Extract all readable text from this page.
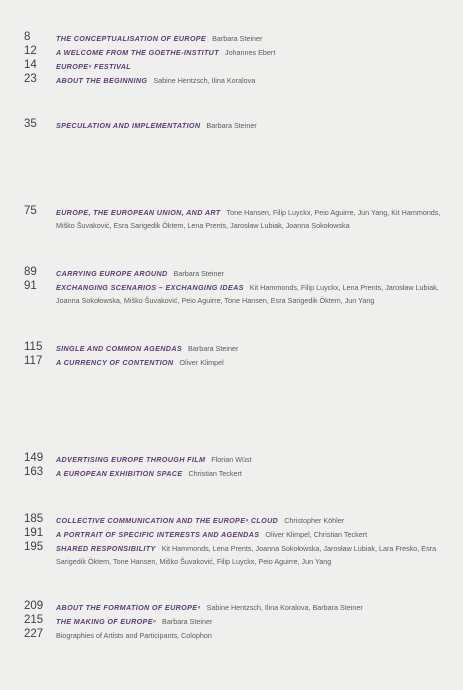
8	THE CONCEPTUALISATION OF EUROPE Barbara Steiner
12	A WELCOME FROM THE GOETHE-INSTITUT Johannes Ebert
14	EUROPEⁿ FESTIVAL
23	ABOUT THE BEGINNING Sabine Hentzsch, Ilina Koralova
35	SPECULATION AND IMPLEMENTATION Barbara Steiner
75	EUROPE, THE EUROPEAN UNION, AND ART Tone Hansen, Filip Luyckx, Peio Aguirre, Jun Yang, Kit Hammonds, Miško Šuvaković, Esra Sarigedik Öktem, Lena Prents, Jarosław Lubiak, Joanna Sokołowska
89	CARRYING EUROPE AROUND Barbara Steiner
91	EXCHANGING SCENARIOS – EXCHANGING IDEAS Kit Hammonds, Filip Luyckx, Lena Prents, Jarosław Lubiak, Joanna Sokołowska, Miško Šuvaković, Peio Aguirre, Tone Hansen, Esra Sarigedik Öktem, Jun Yang
115	SINGLE AND COMMON AGENDAS Barbara Steiner
117	A CURRENCY OF CONTENTION Oliver Klimpel
149	ADVERTISING EUROPE THROUGH FILM Florian Wüst
163	A EUROPEAN EXHIBITION SPACE Christian Teckert
185	COLLECTIVE COMMUNICATION AND THE EUROPEⁿ CLOUD Christopher Köhler
191	A PORTRAIT OF SPECIFIC INTERESTS AND AGENDAS Oliver Klimpel, Christian Teckert
195	SHARED RESPONSIBILITY Kit Hammonds, Lena Prents, Joanna Sokołowska, Jarosław Lubiak, Lara Fresko, Esra Sarigedik Öktem, Tone Hansen, Miško Šuvaković, Filip Luyckx, Peio Aguirre, Jun Yang
209	ABOUT THE FORMATION OF EUROPEⁿ Sabine Hentzsch, Ilina Koralova, Barbara Steiner
215	THE MAKING OF EUROPEⁿ Barbara Steiner
227	Biographies of Artists and Participants, Colophon
